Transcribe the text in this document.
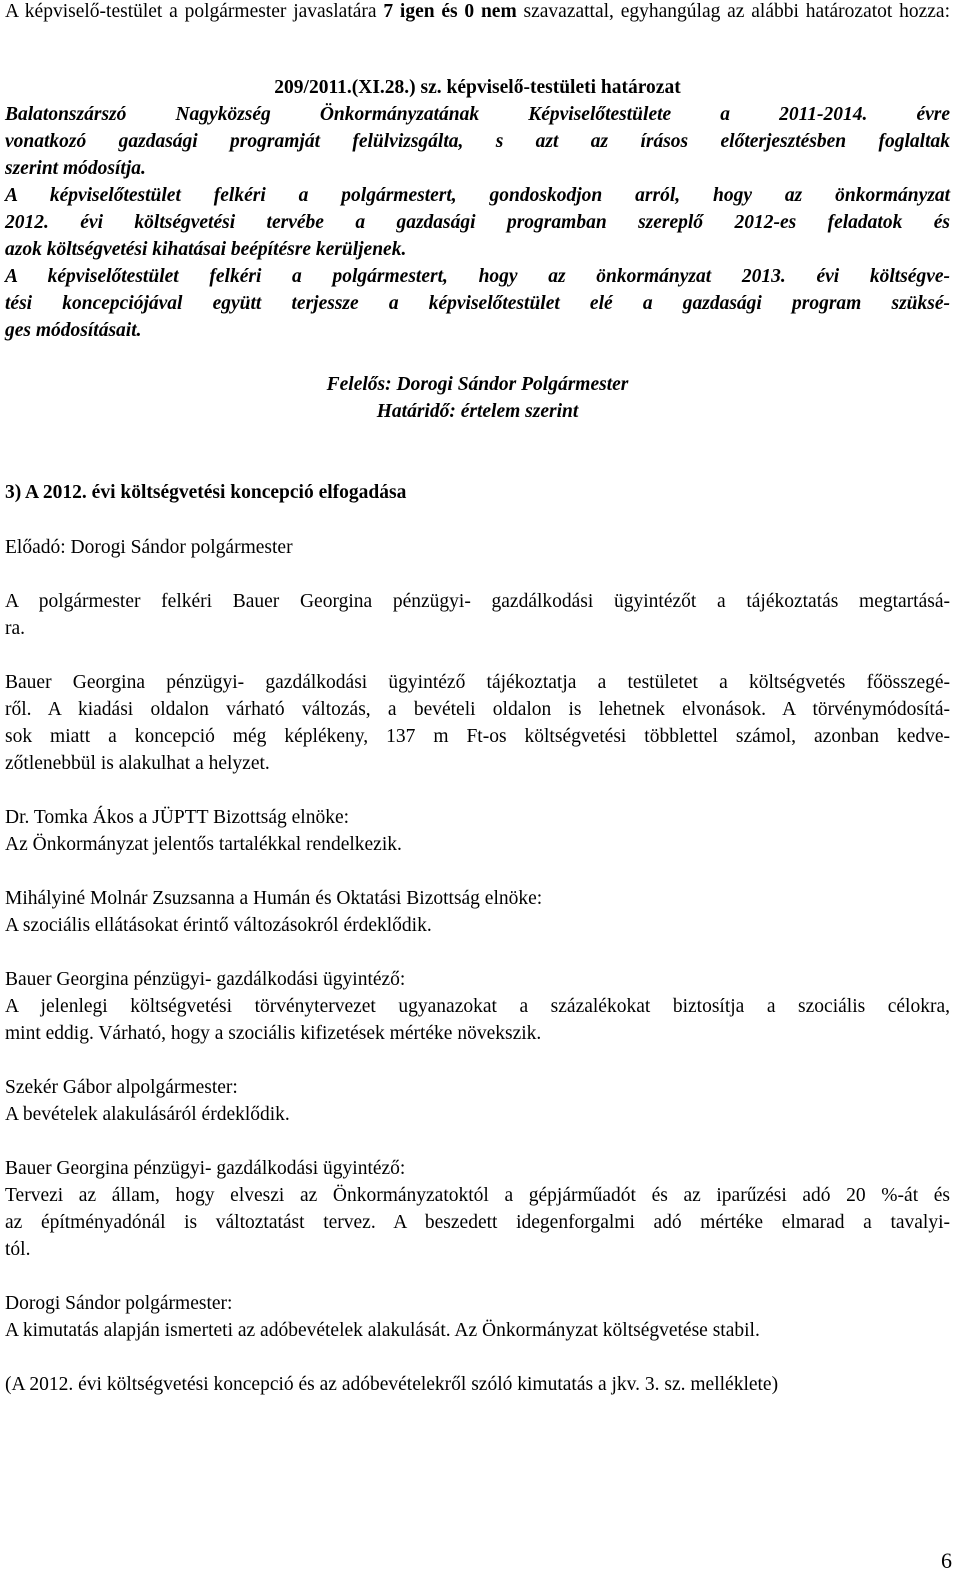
A képviselő-testület a polgármester javaslatára 7 igen és 0 nem szavazattal, egyhangúlag az alábbi határozatot hozza:

209/2011.(XI.28.) sz. képviselő-testületi határozat

Balatonszárszó Nagyközség Önkormányzatának Képviselőtestülete a 2011-2014. évre

vonatkozó gazdasági programját felülvizsgálta, s azt az írásos előterjesztésben foglaltak

szerint módosítja.

A képviselőtestület felkéri a polgármestert, gondoskodjon arról, hogy az önkormányzat

2012. évi költségvetési tervébe a gazdasági programban szereplő 2012-es feladatok és

azok költségvetési kihatásai beépítésre kerüljenek.

A képviselőtestület felkéri a polgármestert, hogy az önkormányzat 2013. évi költségve-

tési koncepciójával együtt terjessze a képviselőtestület elé a gazdasági program szüksé-

ges módosításait.

Felelős: Dorogi Sándor Polgármester

Határidő: értelem szerint

3) A 2012. évi költségvetési koncepció elfogadása

Előadó: Dorogi Sándor polgármester

A polgármester felkéri Bauer Georgina pénzügyi- gazdálkodási ügyintézőt a tájékoztatás megtartásá-

ra.

Bauer Georgina pénzügyi- gazdálkodási ügyintéző tájékoztatja a testületet a költségvetés főösszegé-

ről. A kiadási oldalon várható változás, a bevételi oldalon is lehetnek elvonások. A törvénymódosítá-

sok miatt a koncepció még képlékeny, 137 m Ft-os költségvetési többlettel számol, azonban kedve-

zőtlenebbül is alakulhat a helyzet.

Dr. Tomka Ákos a JÜPTT Bizottság elnöke:

Az Önkormányzat jelentős tartalékkal rendelkezik.

Mihályiné Molnár Zsuzsanna a Humán és Oktatási Bizottság elnöke:

A szociális ellátásokat érintő változásokról érdeklődik.

Bauer Georgina pénzügyi- gazdálkodási ügyintéző:

A jelenlegi költségvetési törvénytervezet ugyanazokat a százalékokat biztosítja a szociális célokra,

mint eddig. Várható, hogy a szociális kifizetések mértéke növekszik.

Szekér Gábor alpolgármester:

A bevételek alakulásáról érdeklődik.

Bauer Georgina pénzügyi- gazdálkodási ügyintéző:

Tervezi az állam, hogy elveszi az Önkormányzatoktól a gépjárműadót és az iparűzési adó 20 %-át és

az építményadónál is változtatást tervez. A beszedett idegenforgalmi adó mértéke elmarad a tavalyi-

tól.

Dorogi Sándor polgármester:

A kimutatás alapján ismerteti az adóbevételek alakulását. Az Önkormányzat költségvetése stabil.

(A 2012. évi költségvetési koncepció és az adóbevételekről szóló kimutatás a jkv. 3. sz. melléklete)

6
